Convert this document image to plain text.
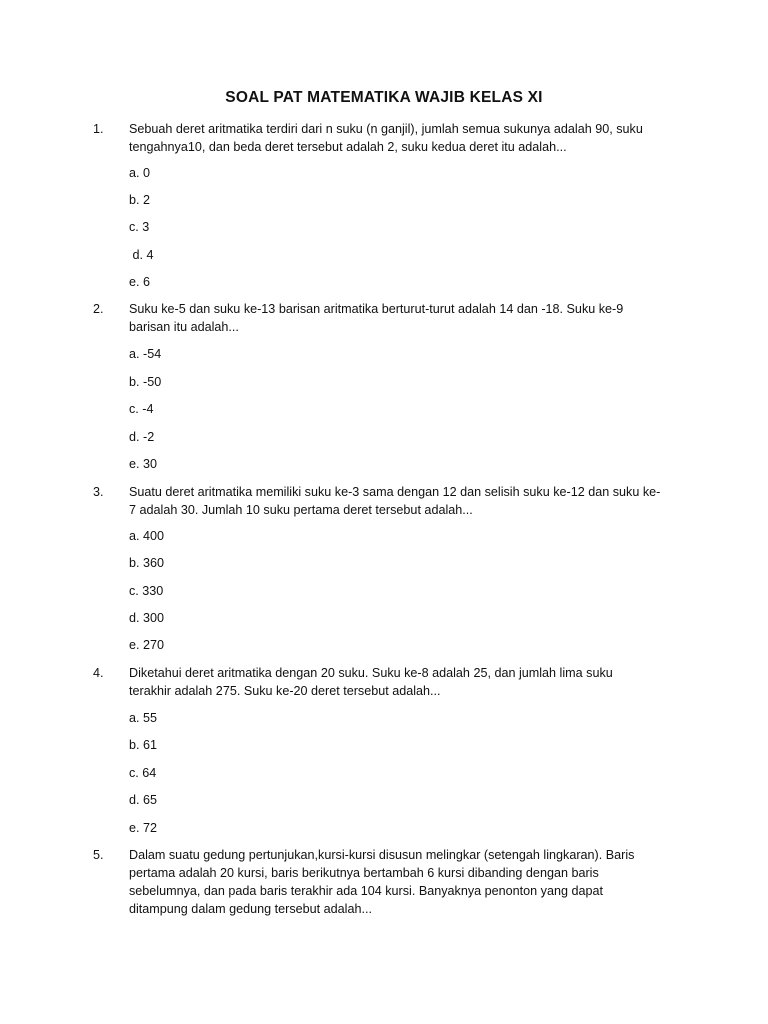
SOAL PAT MATEMATIKA WAJIB KELAS XI
1. Sebuah deret aritmatika terdiri dari n suku (n ganjil), jumlah semua sukunya adalah 90, suku
tengahnya10, dan beda deret tersebut adalah 2, suku kedua deret itu adalah...
a. 0
b. 2
c. 3
d. 4
e. 6
2. Suku ke-5 dan suku ke-13 barisan aritmatika berturut-turut adalah 14 dan -18. Suku ke-9
barisan itu adalah...
a. -54
b. -50
c. -4
d. -2
e. 30
3. Suatu deret aritmatika memiliki suku ke-3 sama dengan 12 dan selisih suku ke-12 dan suku ke-
7 adalah 30. Jumlah 10 suku pertama deret tersebut adalah...
a. 400
b. 360
c. 330
d. 300
e. 270
4. Diketahui deret aritmatika dengan 20 suku. Suku ke-8 adalah 25, dan jumlah lima suku
terakhir adalah 275. Suku ke-20 deret tersebut adalah...
a. 55
b. 61
c. 64
d. 65
e. 72
5. Dalam suatu gedung pertunjukan,kursi-kursi disusun melingkar (setengah lingkaran). Baris
pertama adalah 20 kursi, baris berikutnya bertambah 6 kursi dibanding dengan baris
sebelumnya, dan pada baris terakhir ada 104 kursi. Banyaknya penonton yang dapat
ditampung dalam gedung tersebut adalah...
